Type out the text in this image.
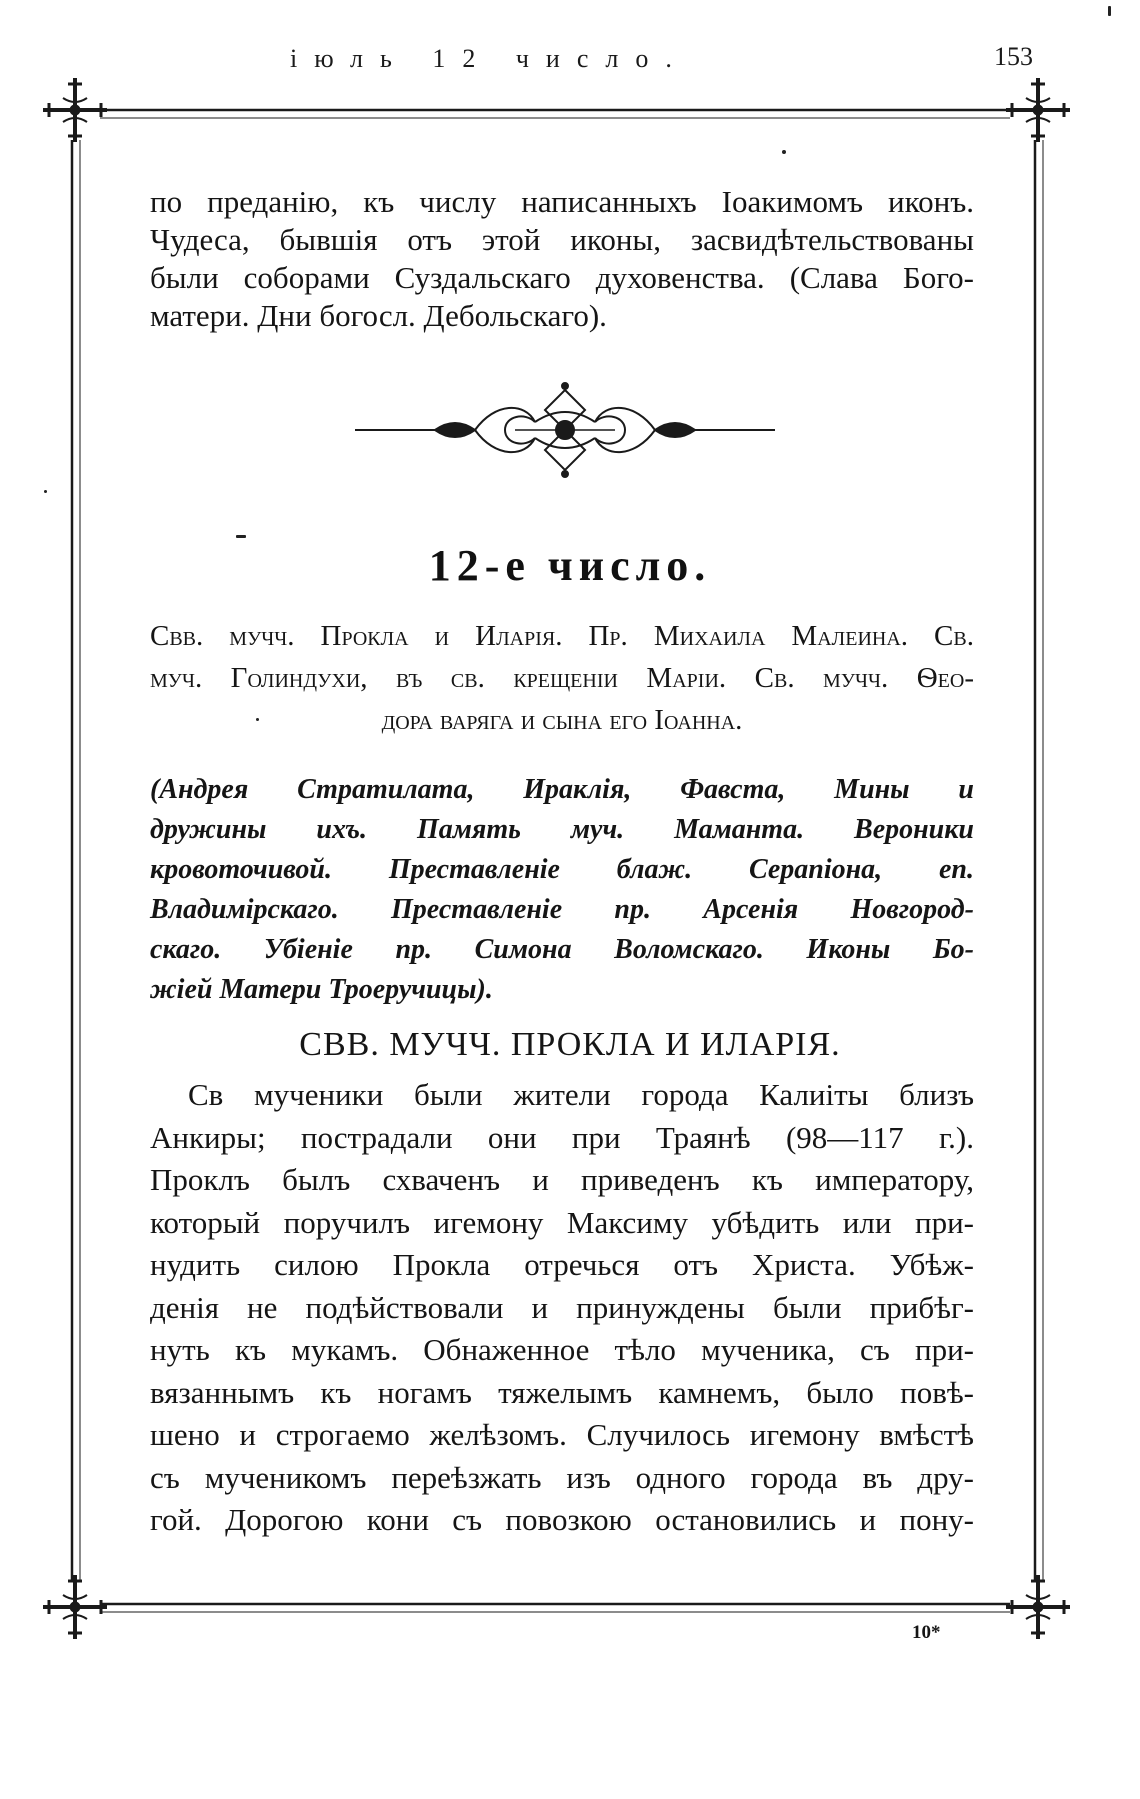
іюль 12 число.	153
по преданію, къ числу написанныхъ Іоакимомъ иконъ.
Чудеса, бывшія отъ этой иконы, засвидѣтельствованы
были соборами Суздальскаго духовенства. (Слава Бого-
матери. Дни богосл. Дебольскаго).
12-е число.
Свв. мучч. Прокла и Иларія. Пр. Михаила Малеина. Св.
муч. Голиндухи, въ св. крещеніи Маріи. Св. мучч. Ѳео-
дора варяга и сына его Іоанна.
(Андрея Стратилата, Ираклія, Фавста, Мины и
дружины ихъ. Память муч. Маманта. Вероники
кровоточивой. Преставленіе блаж. Серапіона, еп.
Владимірскаго. Преставленіе пр. Арсенія Новгород-
скаго. Убіеніе пр. Симона Воломскаго. Иконы Бо-
жіей Матери Троеручицы).
СВВ. МУЧЧ. ПРОКЛА И ИЛАРІЯ.
Св мученики были жители города Калиіты близъ
Анкиры; пострадали они при Траянѣ (98—117 г.).
Проклъ былъ схваченъ и приведенъ къ императору,
который поручилъ игемону Максиму убѣдить или при-
нудить силою Прокла отречься отъ Христа. Убѣж-
денія не подѣйствовали и принуждены были прибѣг-
нуть къ мукамъ. Обнаженное тѣло мученика, съ при-
вязаннымъ къ ногамъ тяжелымъ камнемъ, было повѣ-
шено и строгаемо желѣзомъ. Случилось игемону вмѣстѣ
съ мученикомъ переѣзжать изъ одного города въ дру-
гой. Дорогою кони съ повозкою остановились и пону-
10*
